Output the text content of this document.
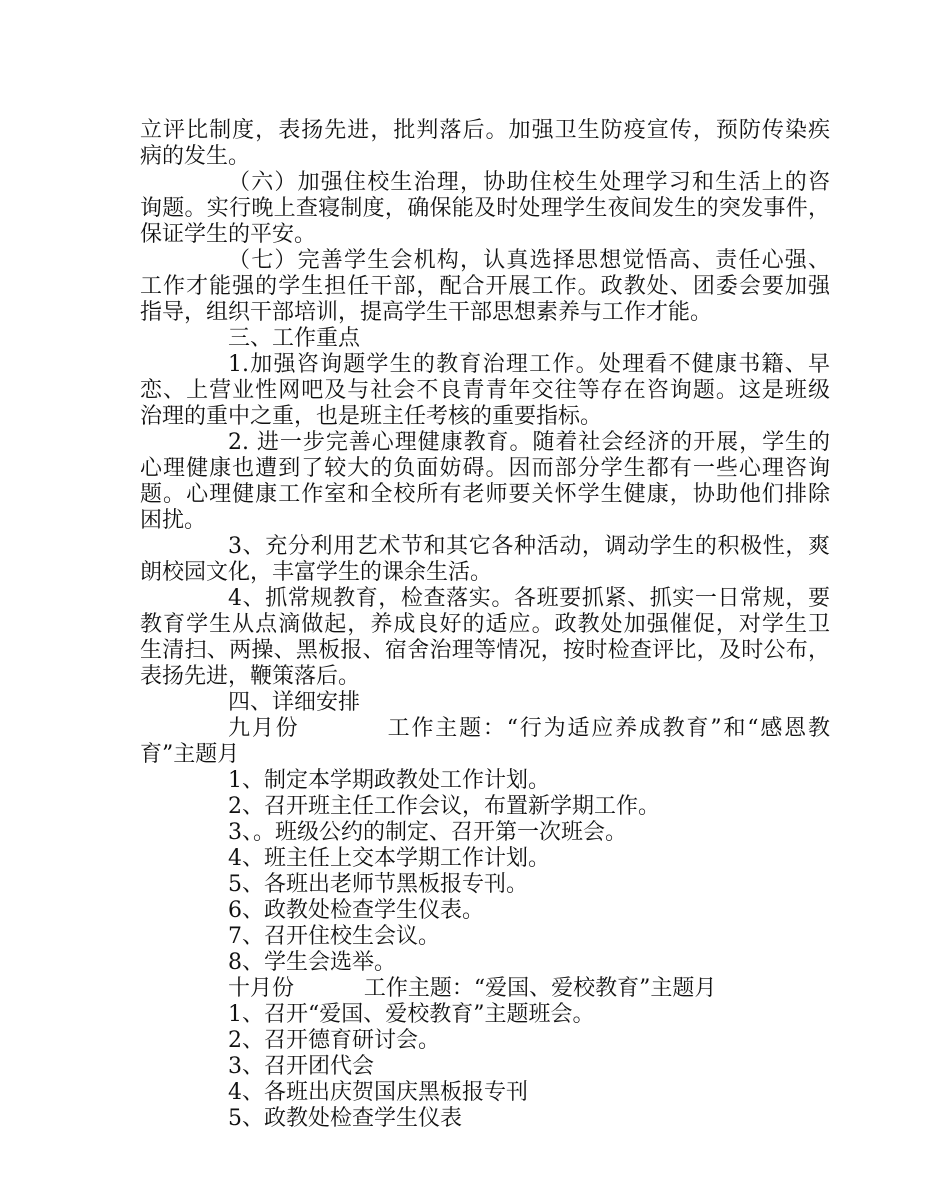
立评比制度，表扬先进，批判落后。加强卫生防疫宣传，预防传染疾
病的发生。
（六）加强住校生治理，协助住校生处理学习和生活上的咨
询题。实行晚上查寝制度，确保能及时处理学生夜间发生的突发事件，
保证学生的平安。
（七）完善学生会机构，认真选择思想觉悟高、责任心强、
工作才能强的学生担任干部，配合开展工作。政教处、团委会要加强
指导，组织干部培训，提高学生干部思想素养与工作才能。
三、工作重点
1.加强咨询题学生的教育治理工作。处理看不健康书籍、早
恋、上营业性网吧及与社会不良青青年交往等存在咨询题。这是班级
治理的重中之重，也是班主任考核的重要指标。
2. 进一步完善心理健康教育。随着社会经济的开展，学生的
心理健康也遭到了较大的负面妨碍。因而部分学生都有一些心理咨询
题。心理健康工作室和全校所有老师要关怀学生健康，协助他们排除
困扰。
3、充分利用艺术节和其它各种活动，调动学生的积极性，爽
朗校园文化，丰富学生的课余生活。
4、抓常规教育，检查落实。各班要抓紧、抓实一日常规，要
教育学生从点滴做起，养成良好的适应。政教处加强催促，对学生卫
生清扫、两操、黑板报、宿舍治理等情况，按时检查评比，及时公布，
表扬先进，鞭策落后。
四、详细安排
九月份          工作主题：“行为适应养成教育”和“感恩教
育”主题月
1、制定本学期政教处工作计划。
2、召开班主任工作会议，布置新学期工作。
3、。班级公约的制定、召开第一次班会。
4、班主任上交本学期工作计划。
5、各班出老师节黑板报专刊。
6、政教处检查学生仪表。
7、召开住校生会议。
8、学生会选举。
十月份          工作主题：“爱国、爱校教育”主题月
1、召开“爱国、爱校教育”主题班会。
2、召开德育研讨会。
3、召开团代会
4、各班出庆贺国庆黑板报专刊
5、政教处检查学生仪表
